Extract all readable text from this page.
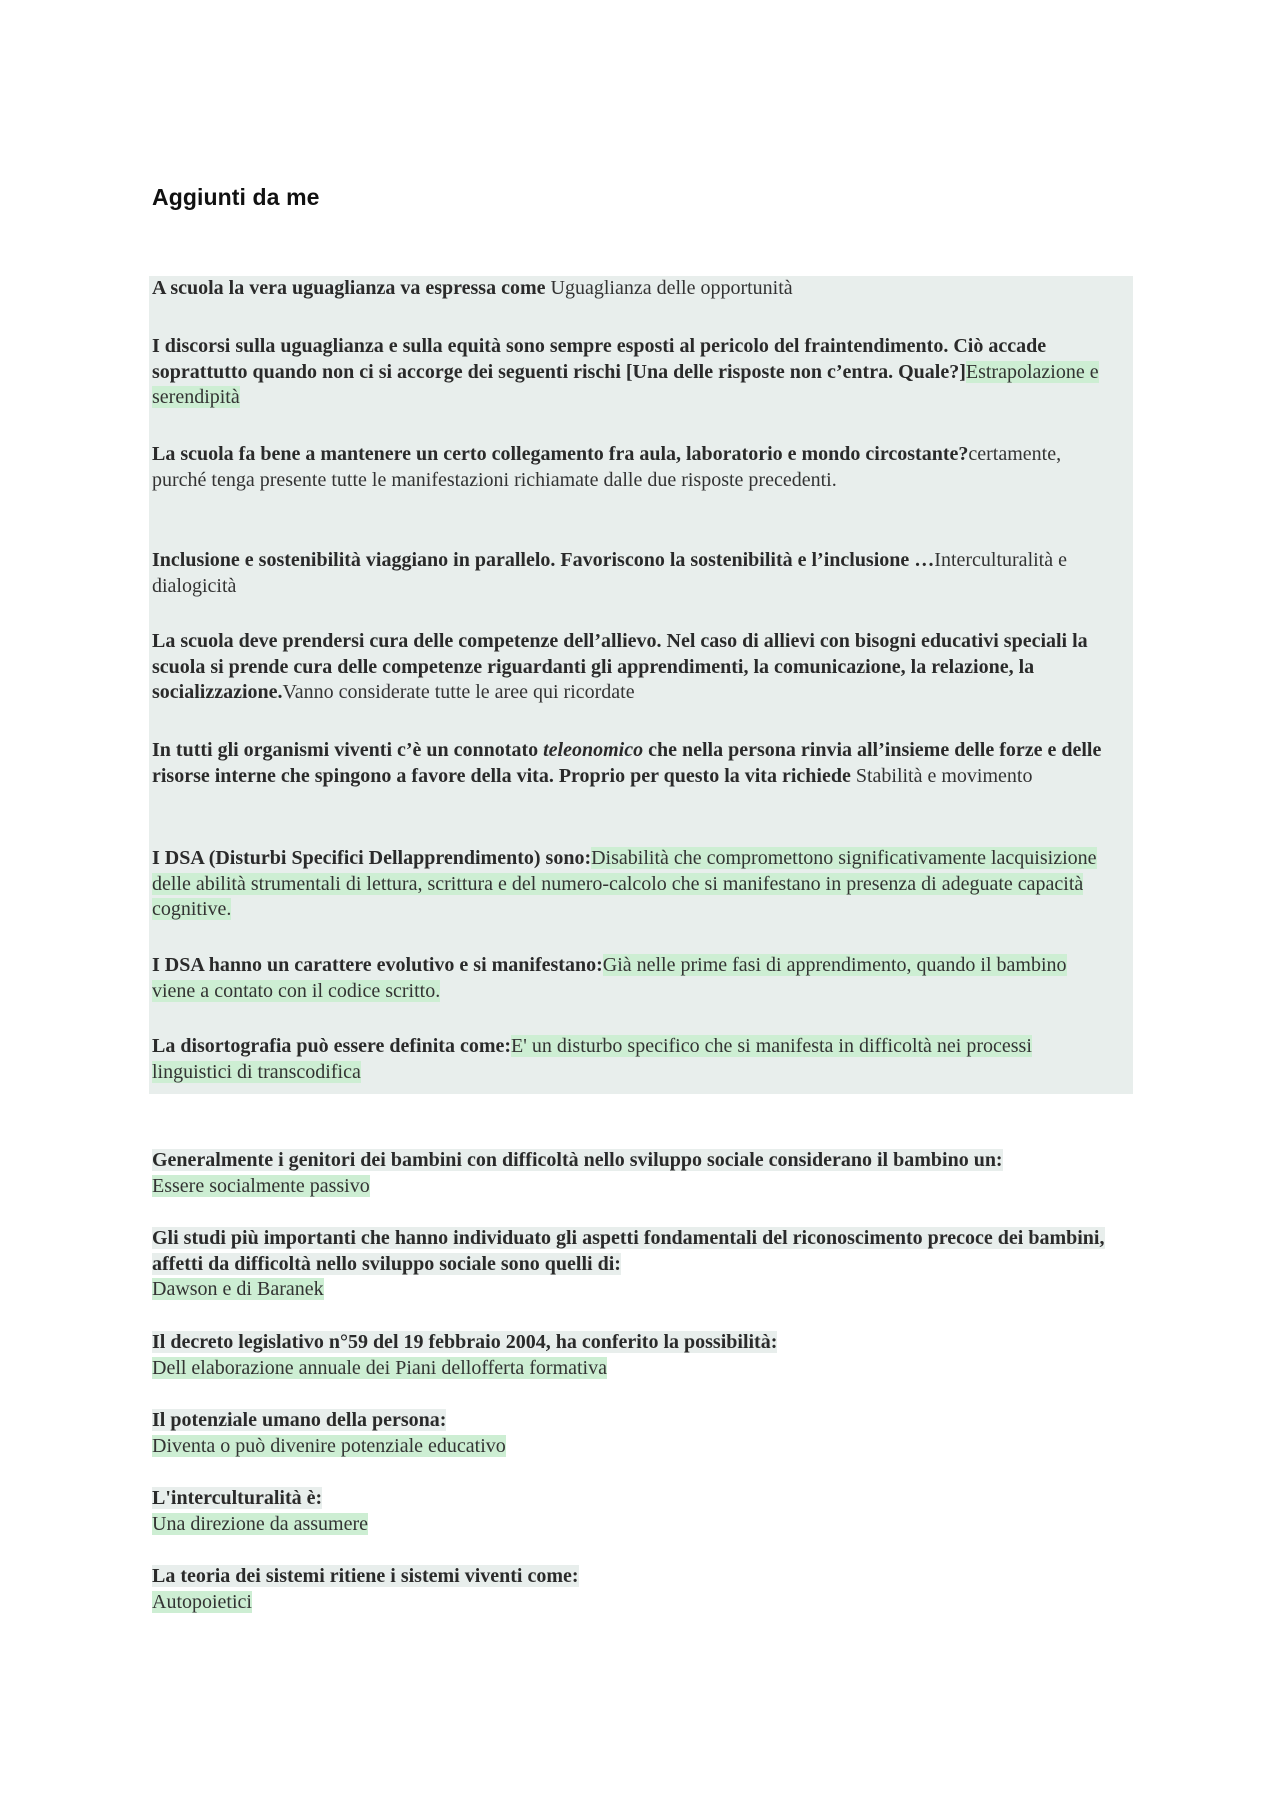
Aggiunti da me

A scuola la vera uguaglianza va espressa come Uguaglianza delle opportunità

I discorsi sulla uguaglianza e sulla equità sono sempre esposti al pericolo del fraintendimento. Ciò accade soprattutto quando non ci si accorge dei seguenti rischi [Una delle risposte non c’entra. Quale?]Estrapolazione e serendipità

La scuola fa bene a mantenere un certo collegamento fra aula, laboratorio e mondo circostante?certamente, purché tenga presente tutte le manifestazioni richiamate dalle due risposte precedenti.

Inclusione e sostenibilità viaggiano in parallelo. Favoriscono la sostenibilità e l’inclusione …Interculturalità e dialogicità

La scuola deve prendersi cura delle competenze dell’allievo. Nel caso di allievi con bisogni educativi speciali la scuola si prende cura delle competenze riguardanti gli apprendimenti, la comunicazione, la relazione, la socializzazione.Vanno considerate tutte le aree qui ricordate

In tutti gli organismi viventi c’è un connotato teleonomico che nella persona rinvia all’insieme delle forze e delle risorse interne che spingono a favore della vita. Proprio per questo la vita richiede Stabilità e movimento

I DSA (Disturbi Specifici Dellapprendimento) sono:Disabilità che compromettono significativamente lacquisizione delle abilità strumentali di lettura, scrittura e del numero-calcolo che si manifestano in presenza di adeguate capacità cognitive.

I DSA hanno un carattere evolutivo e si manifestano:Già nelle prime fasi di apprendimento, quando il bambino viene a contato con il codice scritto.

La disortografia può essere definita come:E' un disturbo specifico che si manifesta in difficoltà nei processi linguistici di transcodifica

Generalmente i genitori dei bambini con difficoltà nello sviluppo sociale considerano il bambino un:

Essere socialmente passivo

Gli studi più importanti che hanno individuato gli aspetti fondamentali del riconoscimento precoce dei bambini, affetti da difficoltà nello sviluppo sociale sono quelli di:

Dawson e di Baranek

Il decreto legislativo n°59 del 19 febbraio 2004, ha conferito la possibilità:

Dell elaborazione annuale dei Piani dellofferta formativa

Il potenziale umano della persona:

Diventa o può divenire potenziale educativo

L'interculturalità è:

Una direzione da assumere

La teoria dei sistemi ritiene i sistemi viventi come:

Autopoietici
